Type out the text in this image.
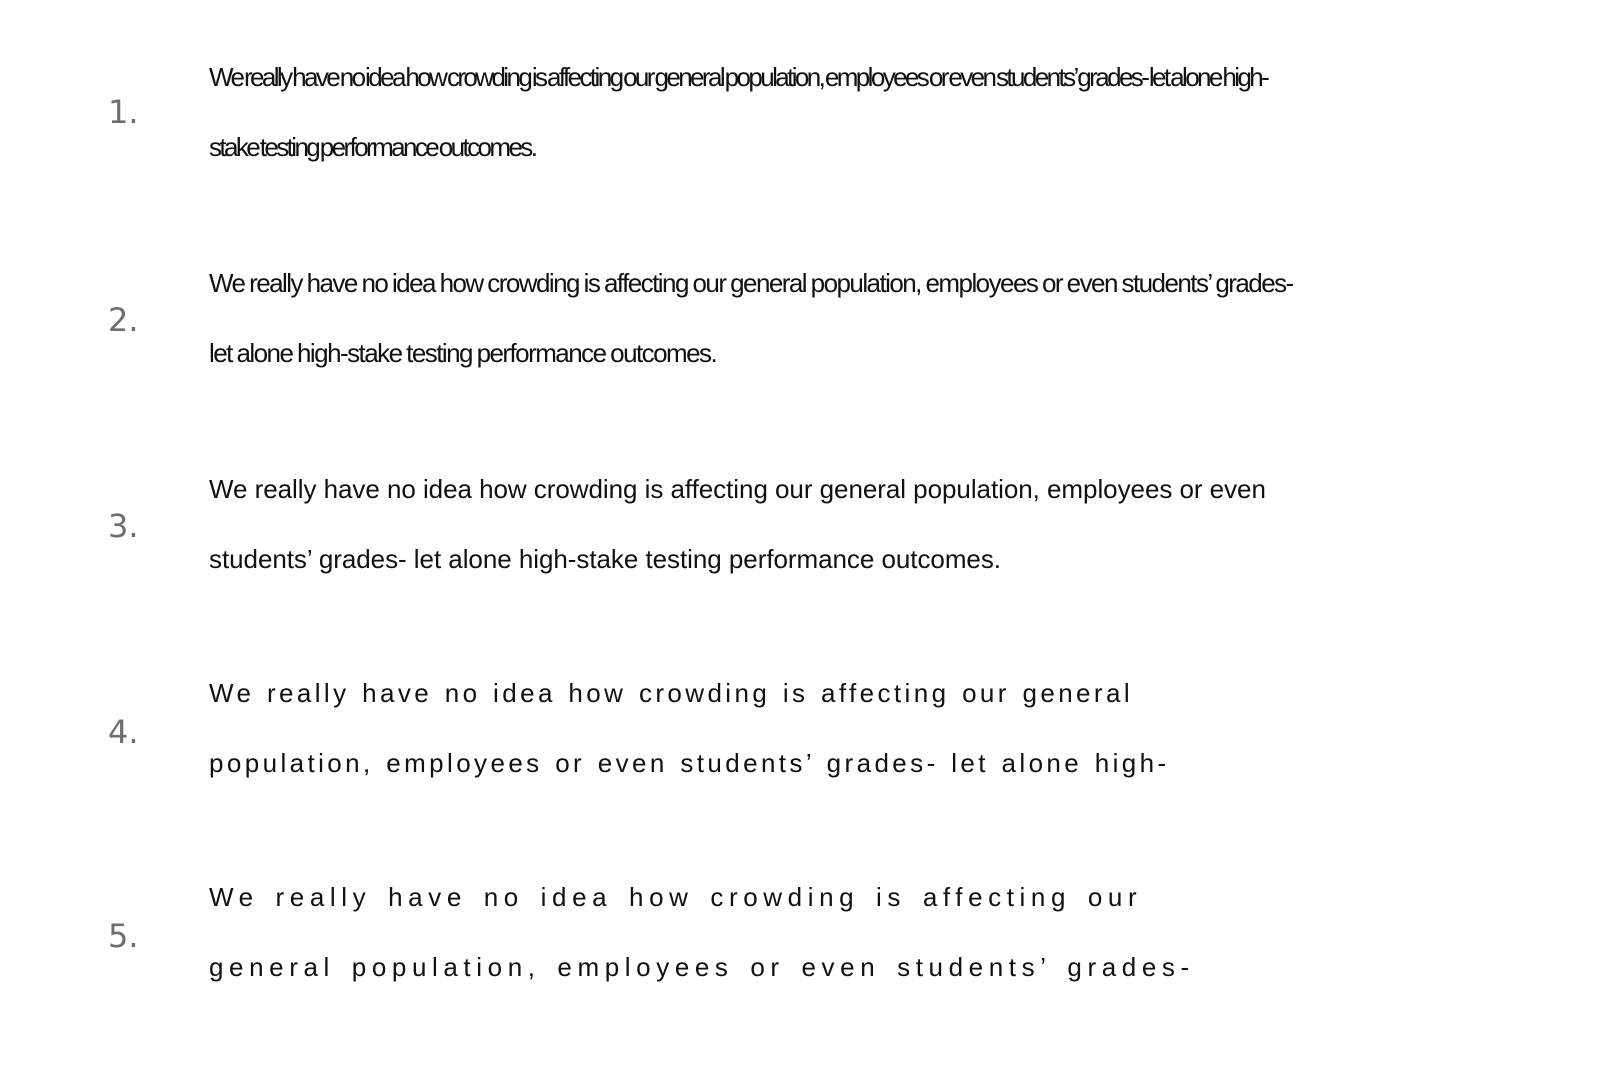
1.
We really have no idea how crowding is affecting our general population, employees or even students’ grades- let alone high-
stake testing performance outcomes.
2.
We really have no idea how crowding is affecting our general population, employees or even students’ grades-
let alone high-stake testing performance outcomes.
3.
We really have no idea how crowding is affecting our general population, employees or even
students’ grades- let alone high-stake testing performance outcomes.
4.
We really have no idea how crowding is affecting our general
population, employees or even students’ grades- let alone high-
5.
We really have no idea how crowding is affecting our
general population, employees or even students’ grades-
